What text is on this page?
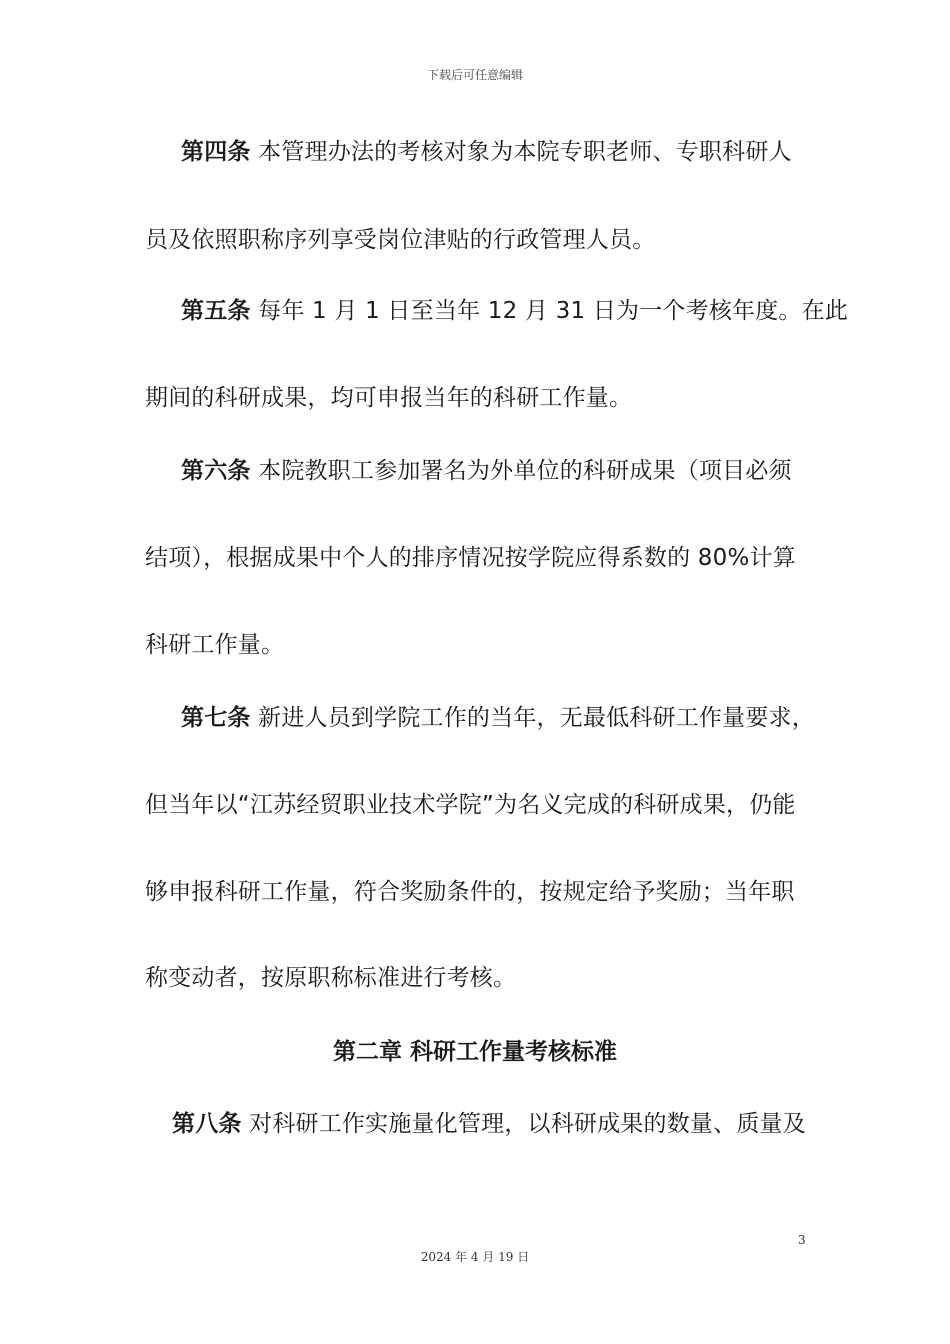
下载后可任意编辑
第四条 本管理办法的考核对象为本院专职老师、专职科研人
员及依照职称序列享受岗位津贴的行政管理人员。
第五条 每年 1 月 1 日至当年 12 月 31 日为一个考核年度。在此
期间的科研成果，均可申报当年的科研工作量。
第六条 本院教职工参加署名为外单位的科研成果（项目必须
结项），根据成果中个人的排序情况按学院应得系数的 80%计算
科研工作量。
第七条 新进人员到学院工作的当年，无最低科研工作量要求，
但当年以“江苏经贸职业技术学院”为名义完成的科研成果，仍能
够申报科研工作量，符合奖励条件的，按规定给予奖励；当年职
称变动者，按原职称标准进行考核。
第二章 科研工作量考核标准
第八条 对科研工作实施量化管理，以科研成果的数量、质量及
3
2024 年 4 月 19 日
